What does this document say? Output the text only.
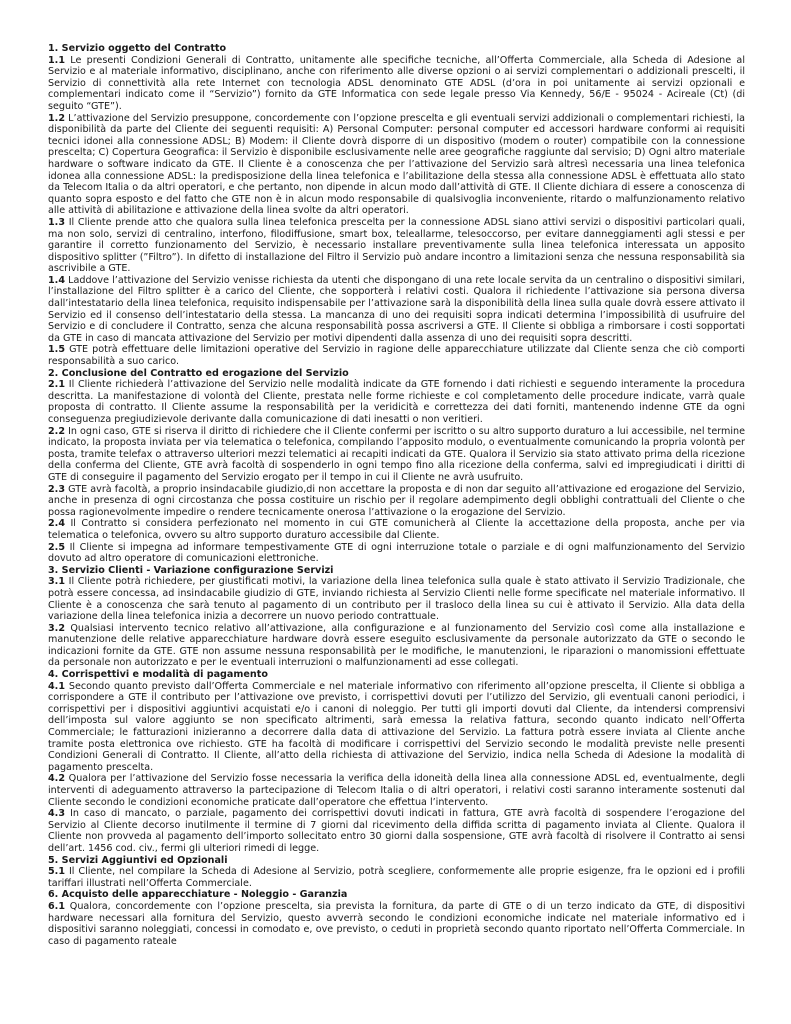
1. Servizio oggetto del Contratto
1.1 Le presenti Condizioni Generali di Contratto, unitamente alle specifiche tecniche, all’Offerta Commerciale, alla Scheda di Adesione al Servizio e al materiale informativo, disciplinano, anche con riferimento alle diverse opzioni o ai servizi complementari o addizionali prescelti, il Servizio di connettività alla rete Internet con tecnologia ADSL denominato GTE ADSL (d’ora in poi unitamente ai servizi opzionali e complementari indicato come il “Servizio”) fornito da GTE Informatica con sede legale presso Via Kennedy, 56/E - 95024 - Acireale (Ct) (di seguito “GTE”).
1.2 L’attivazione del Servizio presuppone, concordemente con l’opzione prescelta e gli eventuali servizi addizionali o complementari richiesti, la disponibilità da parte del Cliente dei seguenti requisiti: A) Personal Computer: personal computer ed accessori hardware conformi ai requisiti tecnici idonei alla connessione ADSL; B) Modem: il Cliente dovrà disporre di un dispositivo (modem o router) compatibile con la connessione prescelta; C) Copertura Geografica: il Servizio è disponibile esclusivamente nelle aree geografiche raggiunte dal servisio; D) Ogni altro materiale hardware o software indicato da GTE. Il Cliente è a conoscenza che per l’attivazione del Servizio sarà altresì necessaria una linea telefonica idonea alla connessione ADSL: la predisposizione della linea telefonica e l’abilitazione della stessa alla connessione ADSL è effettuata allo stato da Telecom Italia o da altri operatori, e che pertanto, non dipende in alcun modo dall’attività di GTE. Il Cliente dichiara di essere a conoscenza di quanto sopra esposto e del fatto che GTE non è in alcun modo responsabile di qualsivoglia inconveniente, ritardo o malfunzionamento relativo alle attività di abilitazione e attivazione della linea svolte da altri operatori.
1.3 Il Cliente prende atto che qualora sulla linea telefonica prescelta per la connessione ADSL siano attivi servizi o dispositivi particolari quali, ma non solo, servizi di centralino, interfono, filodiffusione, smart box, teleallarme, telesoccorso, per evitare danneggiamenti agli stessi e per garantire il corretto funzionamento del Servizio, è necessario installare preventivamente sulla linea telefonica interessata un apposito dispositivo splitter (”Filtro”). In difetto di installazione del Filtro il Servizio può andare incontro a limitazioni senza che nessuna responsabilità sia ascrivibile a GTE.
1.4 Laddove l’attivazione del Servizio venisse richiesta da utenti che dispongano di una rete locale servita da un centralino o dispositivi similari, l’installazione del Filtro splitter è a carico del Cliente, che sopporterà i relativi costi. Qualora il richiedente l’attivazione sia persona diversa dall’intestatario della linea telefonica, requisito indispensabile per l’attivazione sarà la disponibilità della linea sulla quale dovrà essere attivato il Servizio ed il consenso dell’intestatario della stessa. La mancanza di uno dei requisiti sopra indicati determina l’impossibilità di usufruire del Servizio e di concludere il Contratto, senza che alcuna responsabilità possa ascriversi a GTE. Il Cliente si obbliga a rimborsare i costi sopportati da GTE in caso di mancata attivazione del Servizio per motivi dipendenti dalla assenza di uno dei requisiti sopra descritti.
1.5 GTE potrà effettuare delle limitazioni operative del Servizio in ragione delle apparecchiature utilizzate dal Cliente senza che ciò comporti responsabilità a suo carico.
2. Conclusione del Contratto ed erogazione del Servizio
2.1 Il Cliente richiederà l’attivazione del Servizio nelle modalità indicate da GTE fornendo i dati richiesti e seguendo interamente la procedura descritta. La manifestazione di volontà del Cliente, prestata nelle forme richieste e col completamento delle procedure indicate, varrà quale proposta di contratto. Il Cliente assume la responsabilità per la veridicità e correttezza dei dati forniti, mantenendo indenne GTE da ogni conseguenza pregiudizievole derivante dalla comunicazione di dati inesatti o non veritieri.
2.2 In ogni caso, GTE si riserva il diritto di richiedere che il Cliente confermi per iscritto o su altro supporto duraturo a lui accessibile, nel termine indicato, la proposta inviata per via telematica o telefonica, compilando l’apposito modulo, o eventualmente comunicando la propria volontà per posta, tramite telefax o attraverso ulteriori mezzi telematici ai recapiti indicati da GTE. Qualora il Servizio sia stato attivato prima della ricezione della conferma del Cliente, GTE avrà facoltà di sospenderlo in ogni tempo fino alla ricezione della conferma, salvi ed impregiudicati i diritti di GTE di conseguire il pagamento del Servizio erogato per il tempo in cui il Cliente ne avrà usufruito.
2.3 GTE avrà facoltà, a proprio insindacabile giudizio,di non accettare la proposta e di non dar seguito all’attivazione ed erogazione del Servizio, anche in presenza di ogni circostanza che possa costituire un rischio per il regolare adempimento degli obblighi contrattuali del Cliente o che possa ragionevolmente impedire o rendere tecnicamente onerosa l’attivazione o la erogazione del Servizio.
2.4 Il Contratto si considera perfezionato nel momento in cui GTE comunicherà al Cliente la accettazione della proposta, anche per via telematica o telefonica, ovvero su altro supporto duraturo accessibile dal Cliente.
2.5 Il Cliente si impegna ad informare tempestivamente GTE di ogni interruzione totale o parziale e di ogni malfunzionamento del Servizio dovuto ad altro operatore di comunicazioni elettroniche.
3. Servizio Clienti - Variazione configurazione Servizi
3.1 Il Cliente potrà richiedere, per giustificati motivi, la variazione della linea telefonica sulla quale è stato attivato il Servizio Tradizionale, che potrà essere concessa, ad insindacabile giudizio di GTE, inviando richiesta al Servizio Clienti nelle forme specificate nel materiale informativo. Il Cliente è a conoscenza che sarà tenuto al pagamento di un contributo per il trasloco della linea su cui è attivato il Servizio. Alla data della variazione della linea telefonica inizia a decorrere un nuovo periodo contrattuale.
3.2 Qualsiasi intervento tecnico relativo all’attivazione, alla configurazione e al funzionamento del Servizio così come alla installazione e manutenzione delle relative apparecchiature hardware dovrà essere eseguito esclusivamente da personale autorizzato da GTE o secondo le indicazioni fornite da GTE. GTE non assume nessuna responsabilità per le modifiche, le manutenzioni, le riparazioni o manomissioni effettuate da personale non autorizzato e per le eventuali interruzioni o malfunzionamenti ad esse collegati.
4. Corrispettivi e modalità di pagamento
4.1 Secondo quanto previsto dall’Offerta Commerciale e nel materiale informativo con riferimento all’opzione prescelta, il Cliente si obbliga a corrispondere a GTE il contributo per l’attivazione ove previsto, i corrispettivi dovuti per l’utilizzo del Servizio, gli eventuali canoni periodici, i corrispettivi per i dispositivi aggiuntivi acquistati e/o i canoni di noleggio. Per tutti gli importi dovuti dal Cliente, da intendersi comprensivi dell’imposta sul valore aggiunto se non specificato altrimenti, sarà emessa la relativa fattura, secondo quanto indicato nell’Offerta Commerciale; le fatturazioni inizieranno a decorrere dalla data di attivazione del Servizio. La fattura potrà essere inviata al Cliente anche tramite posta elettronica ove richiesto. GTE ha facoltà di modificare i corrispettivi del Servizio secondo le modalità previste nelle presenti Condizioni Generali di Contratto. Il Cliente, all’atto della richiesta di attivazione del Servizio, indica nella Scheda di Adesione la modalità di pagamento prescelta.
4.2 Qualora per l’attivazione del Servizio fosse necessaria la verifica della idoneità della linea alla connessione ADSL ed, eventualmente, degli interventi di adeguamento attraverso la partecipazione di Telecom Italia o di altri operatori, i relativi costi saranno interamente sostenuti dal Cliente secondo le condizioni economiche praticate dall’operatore che effettua l’intervento.
4.3 In caso di mancato, o parziale, pagamento dei corrispettivi dovuti indicati in fattura, GTE avrà facoltà di sospendere l’erogazione del Servizio al Cliente decorso inutilmente il termine di 7 giorni dal ricevimento della diffida scritta di pagamento inviata al Cliente. Qualora il Cliente non provveda al pagamento dell’importo sollecitato entro 30 giorni dalla sospensione, GTE avrà facoltà di risolvere il Contratto ai sensi dell’art. 1456 cod. civ., fermi gli ulteriori rimedi di legge.
5. Servizi Aggiuntivi ed Opzionali
5.1 Il Cliente, nel compilare la Scheda di Adesione al Servizio, potrà scegliere, conformemente alle proprie esigenze, fra le opzioni ed i profili tariffari illustrati nell’Offerta Commerciale.
6. Acquisto delle apparecchiature - Noleggio - Garanzia
6.1 Qualora, concordemente con l’opzione prescelta, sia prevista la fornitura, da parte di GTE o di un terzo indicato da GTE, di dispositivi hardware necessari alla fornitura del Servizio, questo avverrà secondo le condizioni economiche indicate nel materiale informativo ed i dispositivi saranno noleggiati, concessi in comodato e, ove previsto, o ceduti in proprietà secondo quanto riportato nell’Offerta Commerciale. In caso di pagamento rateale
